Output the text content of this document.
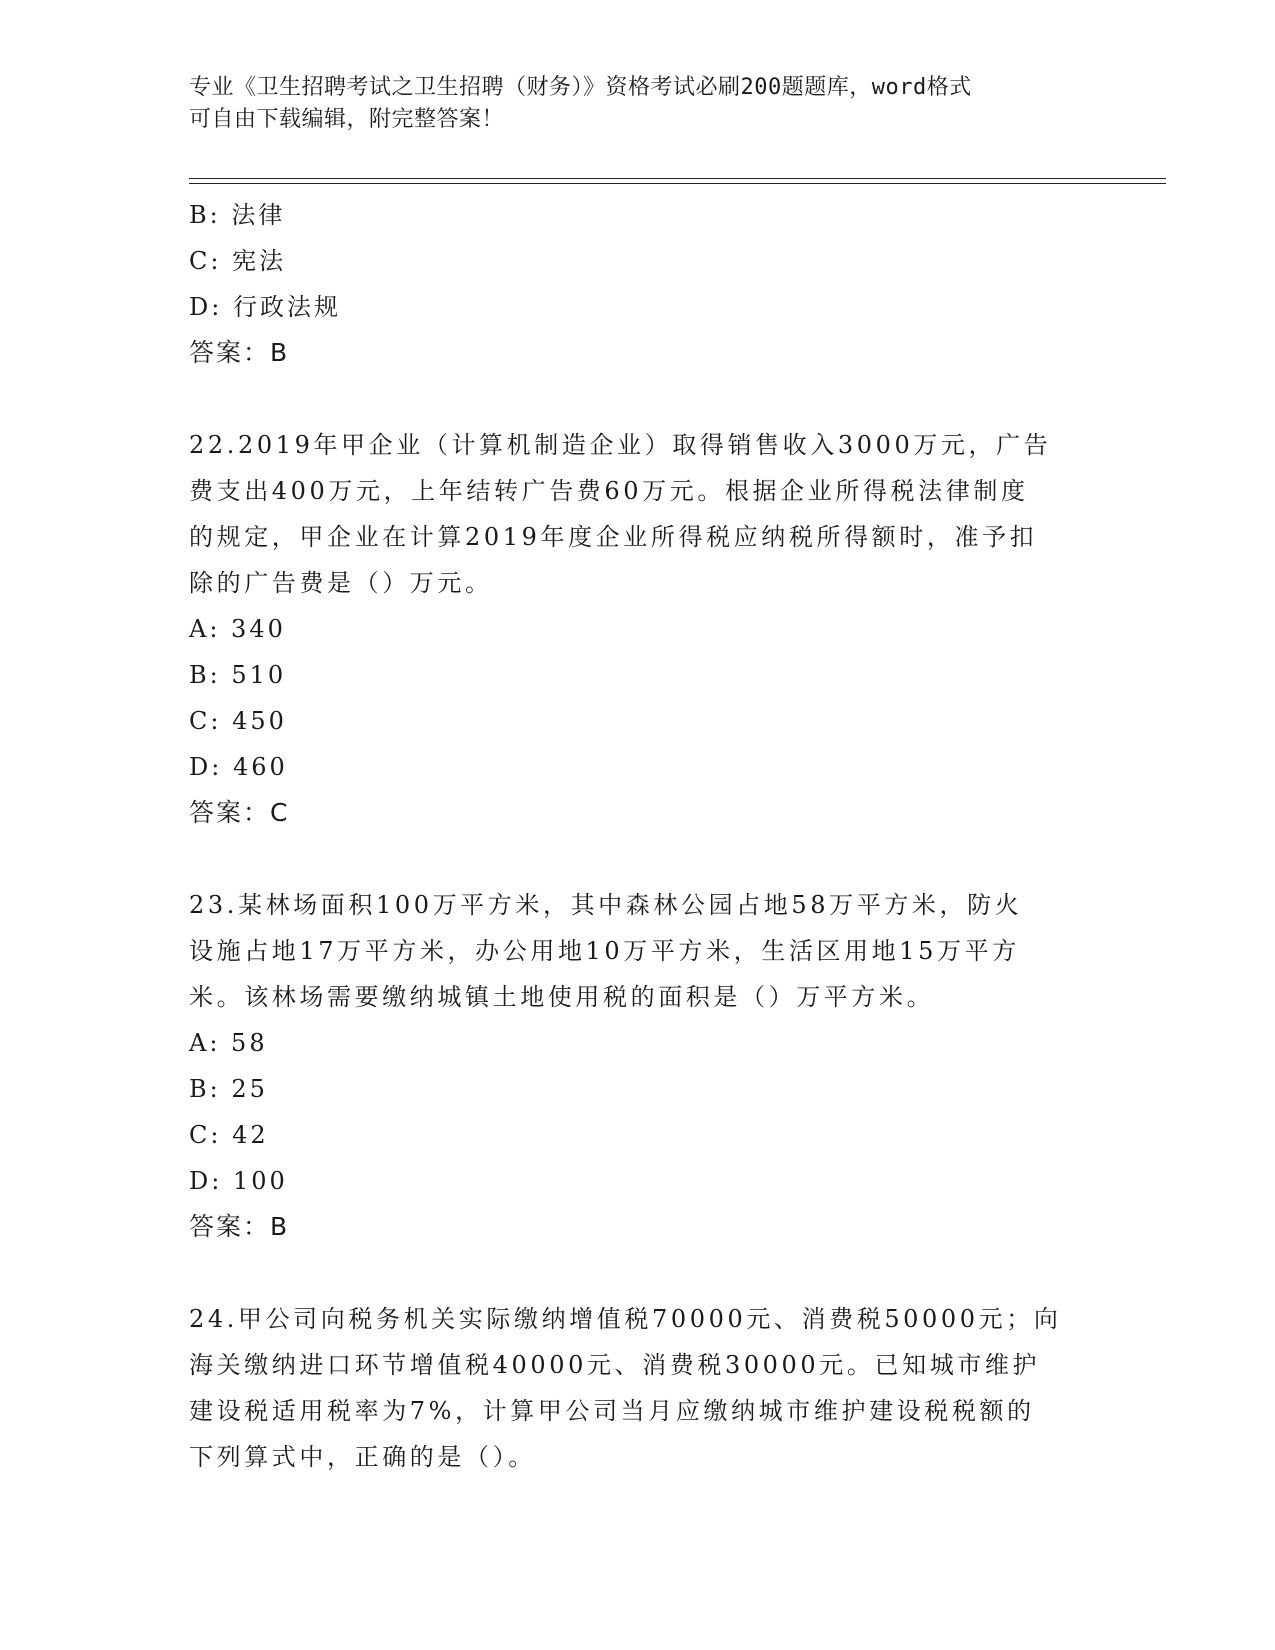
专业《卫生招聘考试之卫生招聘（财务）》资格考试必刷200题题库，word格式
可自由下载编辑，附完整答案！
B: 法律
C: 宪法
D: 行政法规
答案：B
22.2019年甲企业（计算机制造企业）取得销售收入3000万元，广告
费支出400万元，上年结转广告费60万元。根据企业所得税法律制度
的规定，甲企业在计算2019年度企业所得税应纳税所得额时，准予扣
除的广告费是（）万元。
A: 340
B: 510
C: 450
D: 460
答案：C
23.某林场面积100万平方米，其中森林公园占地58万平方米，防火
设施占地17万平方米，办公用地10万平方米，生活区用地15万平方
米。该林场需要缴纳城镇土地使用税的面积是（）万平方米。
A: 58
B: 25
C: 42
D: 100
答案：B
24.甲公司向税务机关实际缴纳增值税70000元、消费税50000元；向
海关缴纳进口环节增值税40000元、消费税30000元。已知城市维护
建设税适用税率为7%，计算甲公司当月应缴纳城市维护建设税税额的
下列算式中，正确的是（）。
